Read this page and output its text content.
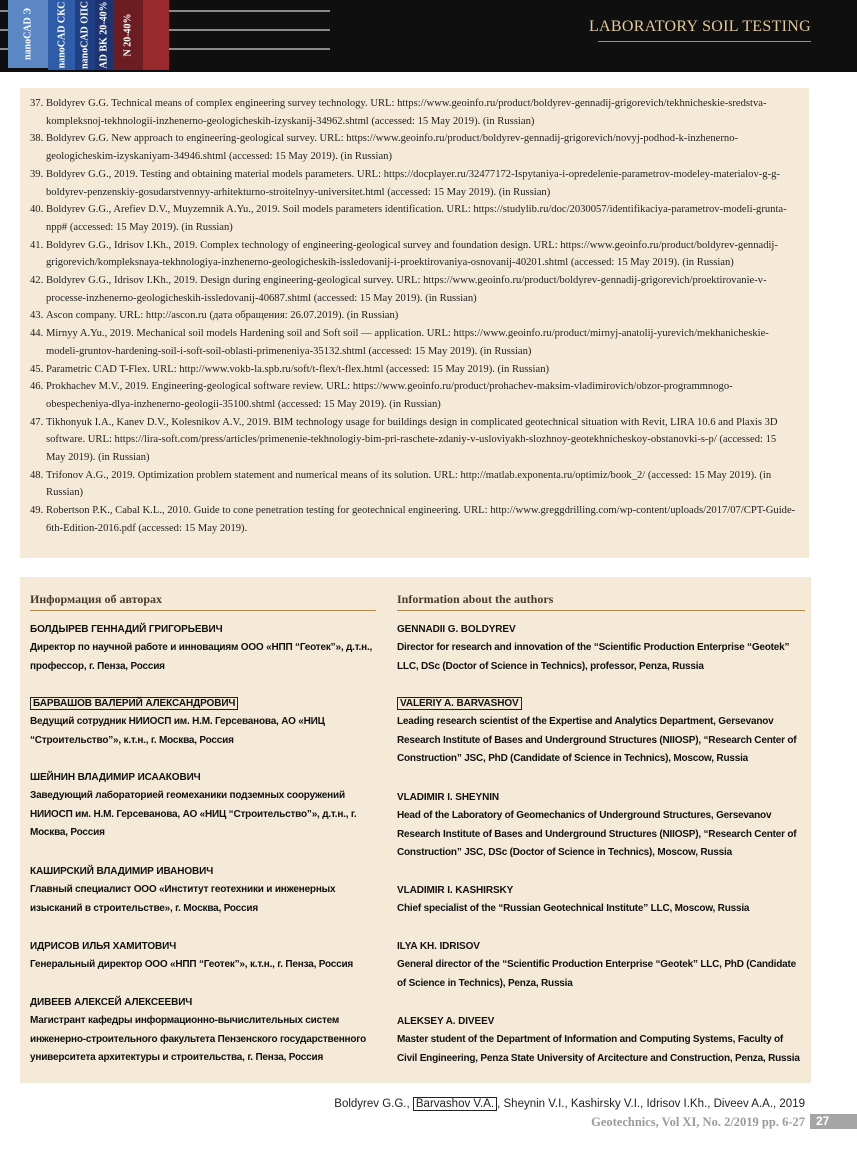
nanoCAD Э nanoCAD СКС nanoCAD ОПС AD BK 20-40% N 20-40%	LABORATORY SOIL TESTING
37. Boldyrev G.G. Technical means of complex engineering survey technology. URL: https://www.geoinfo.ru/product/boldyrev-gennadij-grigorevich/tekhnicheskie-sredstva-kompleksnoj-tekhnologii-inzhenerno-geologicheskih-izyskanij-34962.shtml (accessed: 15 May 2019). (in Russian)
38. Boldyrev G.G. New approach to engineering-geological survey. URL: https://www.geoinfo.ru/product/boldyrev-gennadij-grigorevich/novyj-podhod-k-inzhenerno-geologicheskim-izyskaniyam-34946.shtml (accessed: 15 May 2019). (in Russian)
39. Boldyrev G.G., 2019. Testing and obtaining material models parameters. URL: https://docplayer.ru/32477172-Ispytaniya-i-opredelenie-parametrov-modeley-materialov-g-g-boldyrev-penzenskiy-gosudarstvennyy-arhitekturno-stroitelnyy-universitet.html (accessed: 15 May 2019). (in Russian)
40. Boldyrev G.G., Arefiev D.V., Muyzemnik A.Yu., 2019. Soil models parameters identification. URL: https://studylib.ru/doc/2030057/identifikaciya-parametrov-modeli-grunta-npp# (accessed: 15 May 2019). (in Russian)
41. Boldyrev G.G., Idrisov I.Kh., 2019. Complex technology of engineering-geological survey and foundation design. URL: https://www.geoinfo.ru/product/boldyrev-gennadij-grigorevich/kompleksnaya-tekhnologiya-inzhenerno-geologicheskih-issledovanij-i-proektirovaniya-osnovanij-40201.shtml (accessed: 15 May 2019). (in Russian)
42. Boldyrev G.G., Idrisov I.Kh., 2019. Design during engineering-geological survey. URL: https://www.geoinfo.ru/product/boldyrev-gennadij-grigorevich/proektirovanie-v-processe-inzhenerno-geologicheskih-issledovanij-40687.shtml (accessed: 15 May 2019). (in Russian)
43. Ascon company. URL: http://ascon.ru (дата обращения: 26.07.2019). (in Russian)
44. Mirnyy A.Yu., 2019. Mechanical soil models Hardening soil and Soft soil — application. URL: https://www.geoinfo.ru/product/mirnyj-anatolij-yurevich/mekhanicheskie-modeli-gruntov-hardening-soil-i-soft-soil-oblasti-primeneniya-35132.shtml (accessed: 15 May 2019). (in Russian)
45. Parametric CAD T-Flex. URL: http://www.vokb-la.spb.ru/soft/t-flex/t-flex.html (accessed: 15 May 2019). (in Russian)
46. Prokhachev M.V., 2019. Engineering-geological software review. URL: https://www.geoinfo.ru/product/prohachev-maksim-vladimirovich/obzor-programmnogo-obespecheniya-dlya-inzhenerno-geologii-35100.shtml (accessed: 15 May 2019). (in Russian)
47. Tikhonyuk I.A., Kanev D.V., Kolesnikov A.V., 2019. BIM technology usage for buildings design in complicated geotechnical situation with Revit, LIRA 10.6 and Plaxis 3D software. URL: https://lira-soft.com/press/articles/primenenie-tekhnologiy-bim-pri-raschete-zdaniy-v-usloviyakh-slozhnoy-geotekhnicheskoy-obstanovki-s-p/ (accessed: 15 May 2019). (in Russian)
48. Trifonov A.G., 2019. Optimization problem statement and numerical means of its solution. URL: http://matlab.exponenta.ru/optimiz/book_2/ (accessed: 15 May 2019). (in Russian)
49. Robertson P.K., Cabal K.L., 2010. Guide to cone penetration testing for geotechnical engineering. URL: http://www.greggdrilling.com/wp-content/uploads/2017/07/CPT-Guide-6th-Edition-2016.pdf (accessed: 15 May 2019).
Информация об авторах
БОЛДЫРЕВ ГЕННАДИЙ ГРИГОРЬЕВИЧ
Директор по научной работе и инновациям ООО «НПП “Геотек”», д.т.н., профессор, г. Пенза, Россия
БАРВАШОВ ВАЛЕРИЙ АЛЕКСАНДРОВИЧ
Ведущий сотрудник НИИОСП им. Н.М. Герсеванова, АО «НИЦ “Строительство”», к.т.н., г. Москва, Россия
ШЕЙНИН ВЛАДИМИР ИСААКОВИЧ
Заведующий лабораторией геомеханики подземных сооружений НИИОСП им. Н.М. Герсеванова, АО «НИЦ “Строительство”», д.т.н., г. Москва, Россия
КАШИРСКИЙ ВЛАДИМИР ИВАНОВИЧ
Главный специалист ООО «Институт геотехники и инженерных изысканий в строительстве», г. Москва, Россия
ИДРИСОВ ИЛЬЯ ХАМИТОВИЧ
Генеральный директор ООО «НПП “Геотек”», к.т.н., г. Пенза, Россия
ДИВЕЕВ АЛЕКСЕЙ АЛЕКСЕЕВИЧ
Магистрант кафедры информационно-вычислительных систем инженерно-строительного факультета Пензенского государственного университета архитектуры и строительства, г. Пенза, Россия
Information about the authors
GENNADII G. BOLDYREV
Director for research and innovation of the “Scientific Production Enterprise “Geotek” LLC, DSc (Doctor of Science in Technics), professor, Penza, Russia
VALERIY A. BARVASHOV
Leading research scientist of the Expertise and Analytics Department, Gersevanov Research Institute of Bases and Underground Structures (NIIOSP), “Research Center of Construction” JSC, PhD (Candidate of Science in Technics), Moscow, Russia
VLADIMIR I. SHEYNIN
Head of the Laboratory of Geomechanics of Underground Structures, Gersevanov Research Institute of Bases and Underground Structures (NIIOSP), “Research Center of Construction” JSC, DSc (Doctor of Science in Technics), Moscow, Russia
VLADIMIR I. KASHIRSKY
Chief specialist of the “Russian Geotechnical Institute” LLC, Moscow, Russia
ILYA KH. IDRISOV
General director of the “Scientific Production Enterprise “Geotek” LLC, PhD (Candidate of Science in Technics), Penza, Russia
ALEKSEY A. DIVEEV
Master student of the Department of Information and Computing Systems, Faculty of Civil Engineering, Penza State University of Arcitecture and Construction, Penza, Russia
Boldyrev G.G., Barvashov V.A. , Sheynin V.I., Kashirsky V.I., Idrisov I.Kh., Diveev A.A., 2019
Geotechnics, Vol XI, No. 2/2019 pp. 6-27 27
